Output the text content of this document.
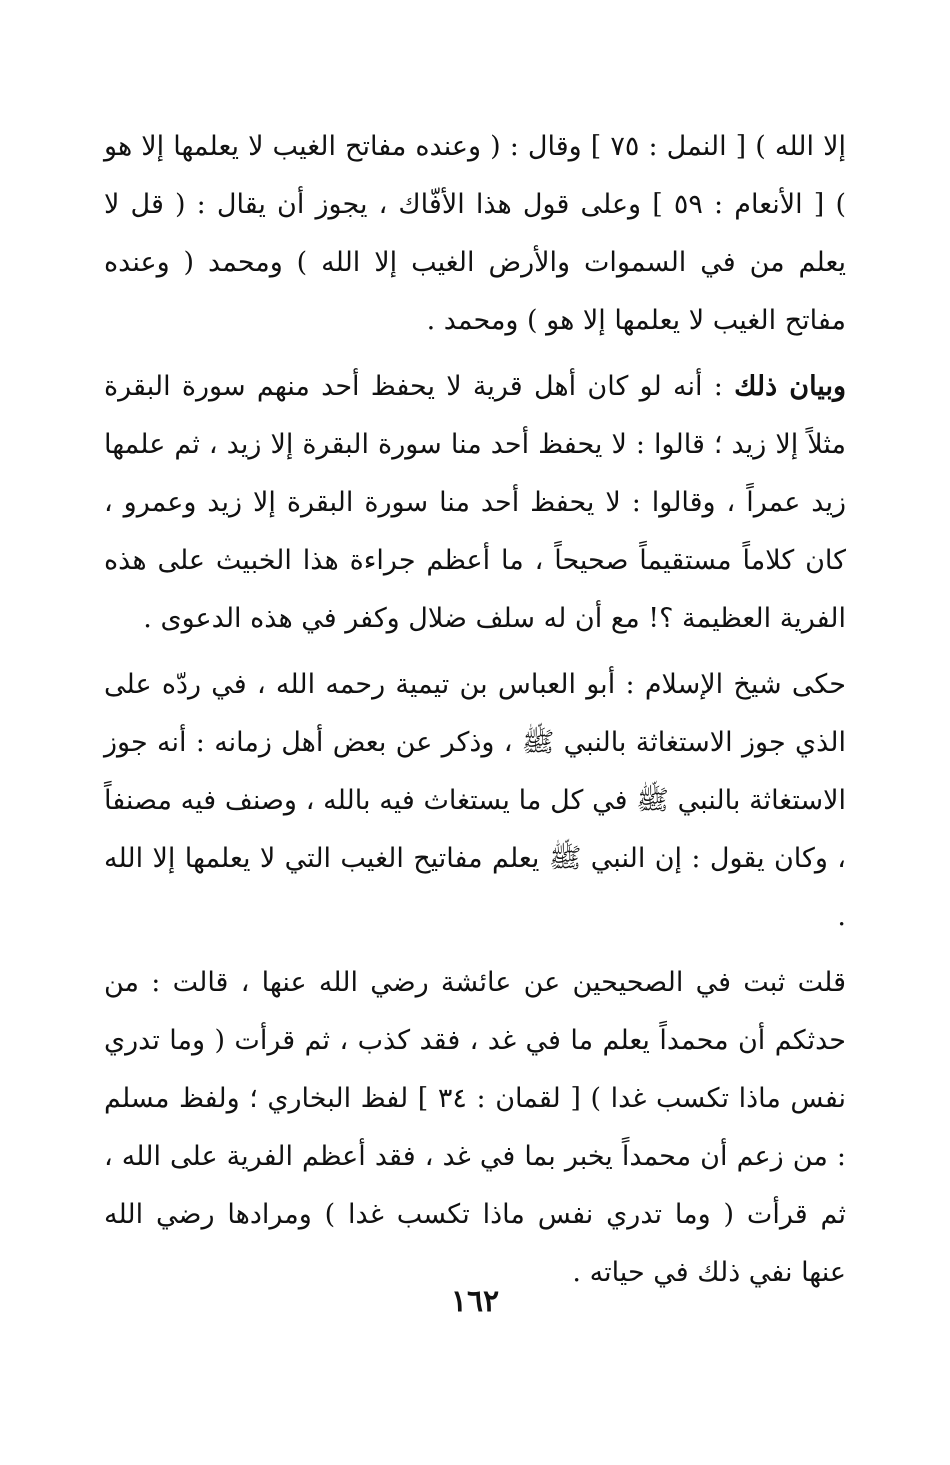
إلا الله ) [ النمل : ٧٥ ] وقال : ( وعنده مفاتح الغيب لا يعلمها إلا هو ) [ الأنعام : ٥٩ ] وعلى قول هذا الأفّاك ، يجوز أن يقال : ( قل لا يعلم من في السموات والأرض الغيب إلا الله ) ومحمد ( وعنده مفاتح الغيب لا يعلمها إلا هو ) ومحمد .

وبيان ذلك : أنه لو كان أهل قرية لا يحفظ أحد منهم سورة البقرة مثلاً إلا زيد ؛ قالوا : لا يحفظ أحد منا سورة البقرة إلا زيد ، ثم علمها زيد عمراً ، وقالوا : لا يحفظ أحد منا سورة البقرة إلا زيد وعمرو ، كان كلاماً مستقيماً صحيحاً ، ما أعظم جراءة هذا الخبيث على هذه الفرية العظيمة ؟! مع أن له سلف ضلال وكفر في هذه الدعوى .

حكى شيخ الإسلام : أبو العباس بن تيمية رحمه الله ، في ردّه على الذي جوز الاستغاثة بالنبي ﷺ ، وذكر عن بعض أهل زمانه : أنه جوز الاستغاثة بالنبي ﷺ في كل ما يستغاث فيه بالله ، وصنف فيه مصنفاً ، وكان يقول : إن النبي ﷺ يعلم مفاتيح الغيب التي لا يعلمها إلا الله .

قلت ثبت في الصحيحين عن عائشة رضي الله عنها ، قالت : من حدثكم أن محمداً يعلم ما في غد ، فقد كذب ، ثم قرأت ( وما تدري نفس ماذا تكسب غدا ) [ لقمان : ٣٤ ] لفظ البخاري ؛ ولفظ مسلم : من زعم أن محمداً يخبر بما في غد ، فقد أعظم الفرية على الله ، ثم قرأت ( وما تدري نفس ماذا تكسب غدا ) ومرادها رضي الله عنها نفي ذلك في حياته .

١٦٢
